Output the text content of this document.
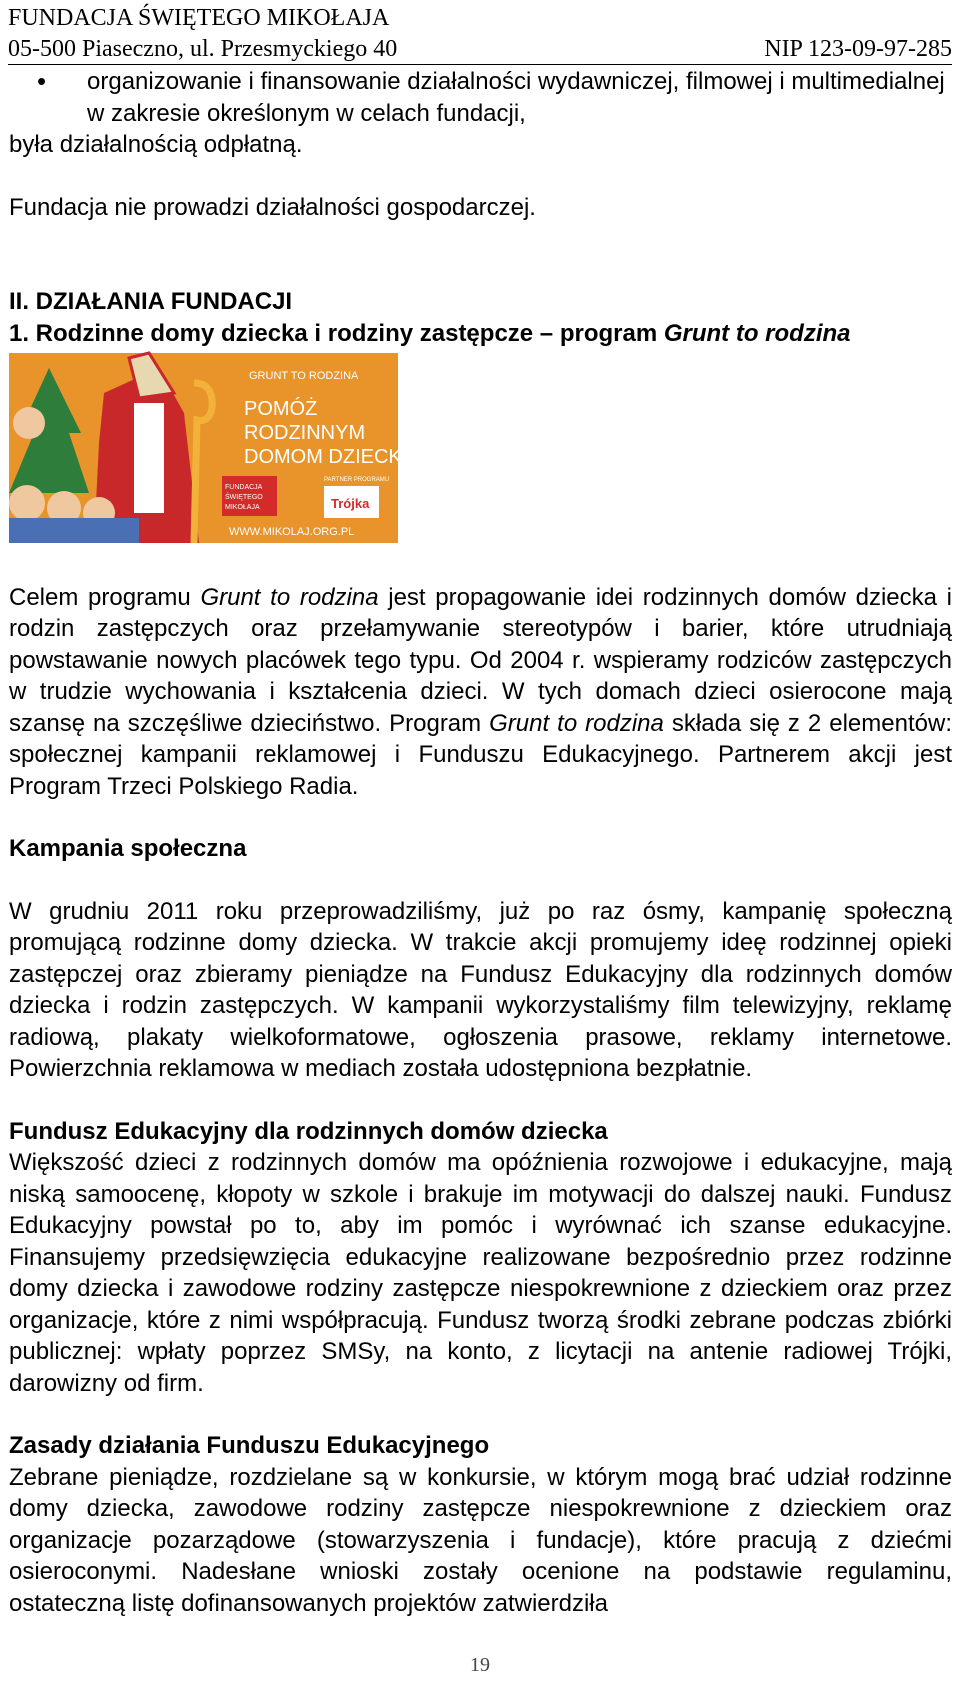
FUNDACJA ŚWIĘTEGO MIKOŁAJA
05-500 Piaseczno, ul. Przesmyckiego 40	NIP 123-09-97-285
• organizowanie i finansowanie działalności wydawniczej, filmowej i multimedialnej w zakresie określonym w celach fundacji,

była działalnością odpłatną.

Fundacja nie prowadzi działalności gospodarczej.

II. DZIAŁANIA FUNDACJI

1. Rodzinne domy dziecka i rodziny zastępcze – program Grunt to rodzina

GRUNT TO RODZINA
POMÓŻ
RODZINNYM
DOMOM DZIECKA
FUNDACJA
ŚWIĘTEGO
MIKOŁAJA
PARTNER PROGRAMU
Trójka
WWW.MIKOLAJ.ORG.PL

Celem programu Grunt to rodzina jest propagowanie idei rodzinnych domów dziecka i rodzin zastępczych oraz przełamywanie stereotypów i barier, które utrudniają powstawanie nowych placówek tego typu. Od 2004 r. wspieramy rodziców zastępczych w trudzie wychowania i kształcenia dzieci. W tych domach dzieci osierocone mają szansę na szczęśliwe dzieciństwo. Program Grunt to rodzina składa się z 2 elementów: społecznej kampanii reklamowej i Funduszu Edukacyjnego. Partnerem akcji jest Program Trzeci Polskiego Radia.

Kampania społeczna

W grudniu 2011 roku przeprowadziliśmy, już po raz ósmy, kampanię społeczną promującą rodzinne domy dziecka. W trakcie akcji promujemy ideę rodzinnej opieki zastępczej oraz zbieramy pieniądze na Fundusz Edukacyjny dla rodzinnych domów dziecka i rodzin zastępczych. W kampanii wykorzystaliśmy film telewizyjny, reklamę radiową, plakaty wielkoformatowe, ogłoszenia prasowe, reklamy internetowe. Powierzchnia reklamowa w mediach została udostępniona bezpłatnie.

Fundusz Edukacyjny dla rodzinnych domów dziecka

Większość dzieci z rodzinnych domów ma opóźnienia rozwojowe i edukacyjne, mają niską samoocenę, kłopoty w szkole i brakuje im motywacji do dalszej nauki. Fundusz Edukacyjny powstał po to, aby im pomóc i wyrównać ich szanse edukacyjne. Finansujemy przedsięwzięcia edukacyjne realizowane bezpośrednio przez rodzinne domy dziecka i zawodowe rodziny zastępcze niespokrewnione z dzieckiem oraz przez organizacje, które z nimi współpracują. Fundusz tworzą środki zebrane podczas zbiórki publicznej: wpłaty poprzez SMSy, na konto, z licytacji na antenie radiowej Trójki, darowizny od firm.

Zasady działania Funduszu Edukacyjnego

Zebrane pieniądze, rozdzielane są w konkursie, w którym mogą brać udział rodzinne domy dziecka, zawodowe rodziny zastępcze niespokrewnione z dzieckiem oraz organizacje pozarządowe (stowarzyszenia i fundacje), które pracują z dziećmi osieroconymi. Nadesłane wnioski zostały ocenione na podstawie regulaminu, ostateczną listę dofinansowanych projektów zatwierdziła

19
